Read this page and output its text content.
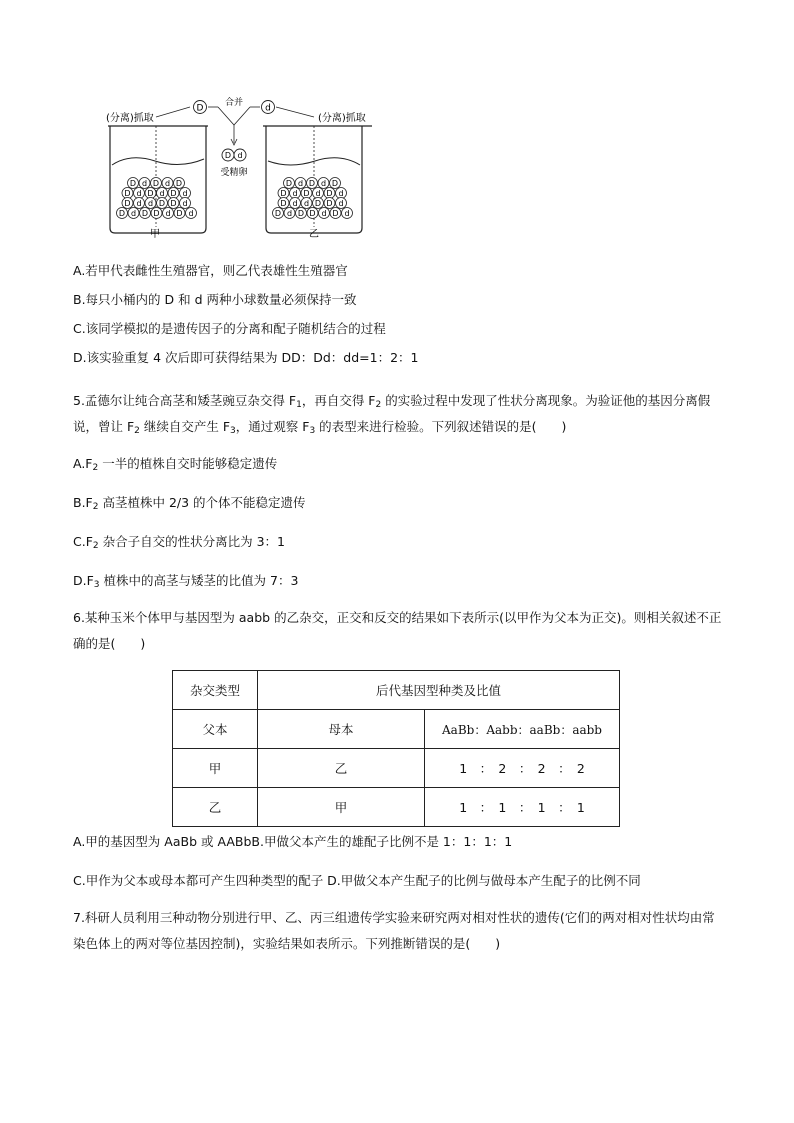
(分离)抓取	(分离)抓取
D
合并
d
D d
受精卵
甲	乙
D d D d D
D d D d D d
D d d D D d
D d D D d D d
D d D d D
D d D d D d
D d d D D d
D d D D d D d
A.若甲代表雌性生殖器官，则乙代表雄性生殖器官
B.每只小桶内的 D 和 d 两种小球数量必须保持一致
C.该同学模拟的是遗传因子的分离和配子随机结合的过程
D.该实验重复 4 次后即可获得结果为 DD：Dd：dd=1：2：1
5.孟德尔让纯合高茎和矮茎豌豆杂交得 $F_1$，再自交得 $F_2$ 的实验过程中发现了性状分离现象。为验证他的基因分离假说，曾让 $F_2$ 继续自交产生 $F_3$，通过观察 $F_3$ 的表型来进行检验。下列叙述错误的是(　　)
$A.F_2$ 一半的植株自交时能够稳定遗传
$B.F_2$ 高茎植株中 2/3 的个体不能稳定遗传
$C.F_2$ 杂合子自交的性状分离比为 3：1
$D.F_3$ 植株中的高茎与矮茎的比值为 7：3
6.某种玉米个体甲与基因型为 aabb 的乙杂交，正交和反交的结果如下表所示(以甲作为父本为正交)。则相关叙述不正确的是(　　)
杂交类型	后代基因型种类及比值	
父本	母本	AaBb：Aabb：aaBb：aabb
甲	乙	1　：　2　：　2　：　2
乙	甲	1　：　1　：　1　：　1
A.甲的基因型为 AaBb 或 AABbB.甲做父本产生的雄配子比例不是 1：1：1：1
C.甲作为父本或母本都可产生四种类型的配子 D.甲做父本产生配子的比例与做母本产生配子的比例不同
7.科研人员利用三种动物分别进行甲、乙、丙三组遗传学实验来研究两对相对性状的遗传(它们的两对相对性状均由常染色体上的两对等位基因控制)，实验结果如表所示。下列推断错误的是(　　)
